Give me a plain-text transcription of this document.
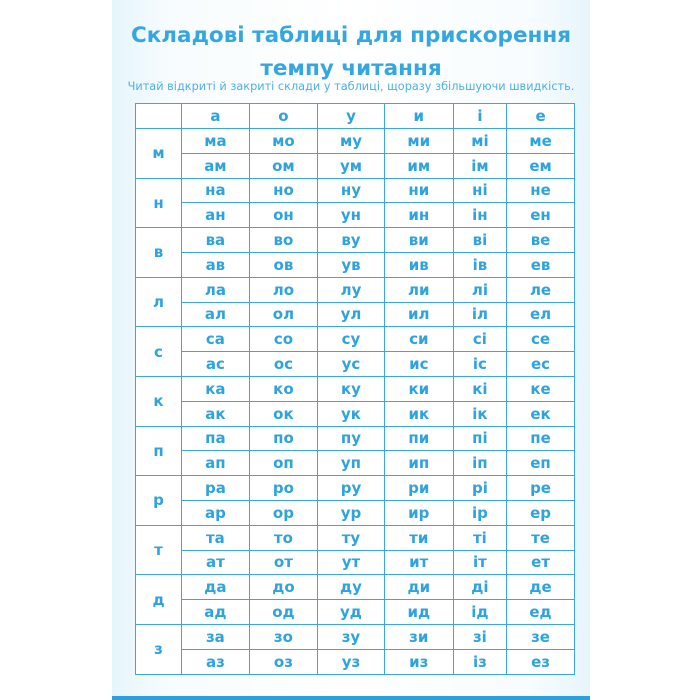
Складові таблиці для прискорення
темпу читання
Читай відкриті й закриті склади у таблиці, щоразу збільшуючи швидкість.
	а	о	у	и	і	е
м	ма	мо	му	ми	мі	ме
	ам	ом	ум	им	ім	ем
н	на	но	ну	ни	ні	не
	ан	он	ун	ин	ін	ен
в	ва	во	ву	ви	ві	ве
	ав	ов	ув	ив	ів	ев
л	ла	ло	лу	ли	лі	ле
	ал	ол	ул	ил	іл	ел
с	са	со	су	си	сі	се
	ас	ос	ус	ис	іс	ес
к	ка	ко	ку	ки	кі	ке
	ак	ок	ук	ик	ік	ек
п	па	по	пу	пи	пі	пе
	ап	оп	уп	ип	іп	еп
р	ра	ро	ру	ри	рі	ре
	ар	ор	ур	ир	ір	ер
т	та	то	ту	ти	ті	те
	ат	от	ут	ит	іт	ет
д	да	до	ду	ди	ді	де
	ад	од	уд	ид	ід	ед
з	за	зо	зу	зи	зі	зе
	аз	оз	уз	из	із	ез
